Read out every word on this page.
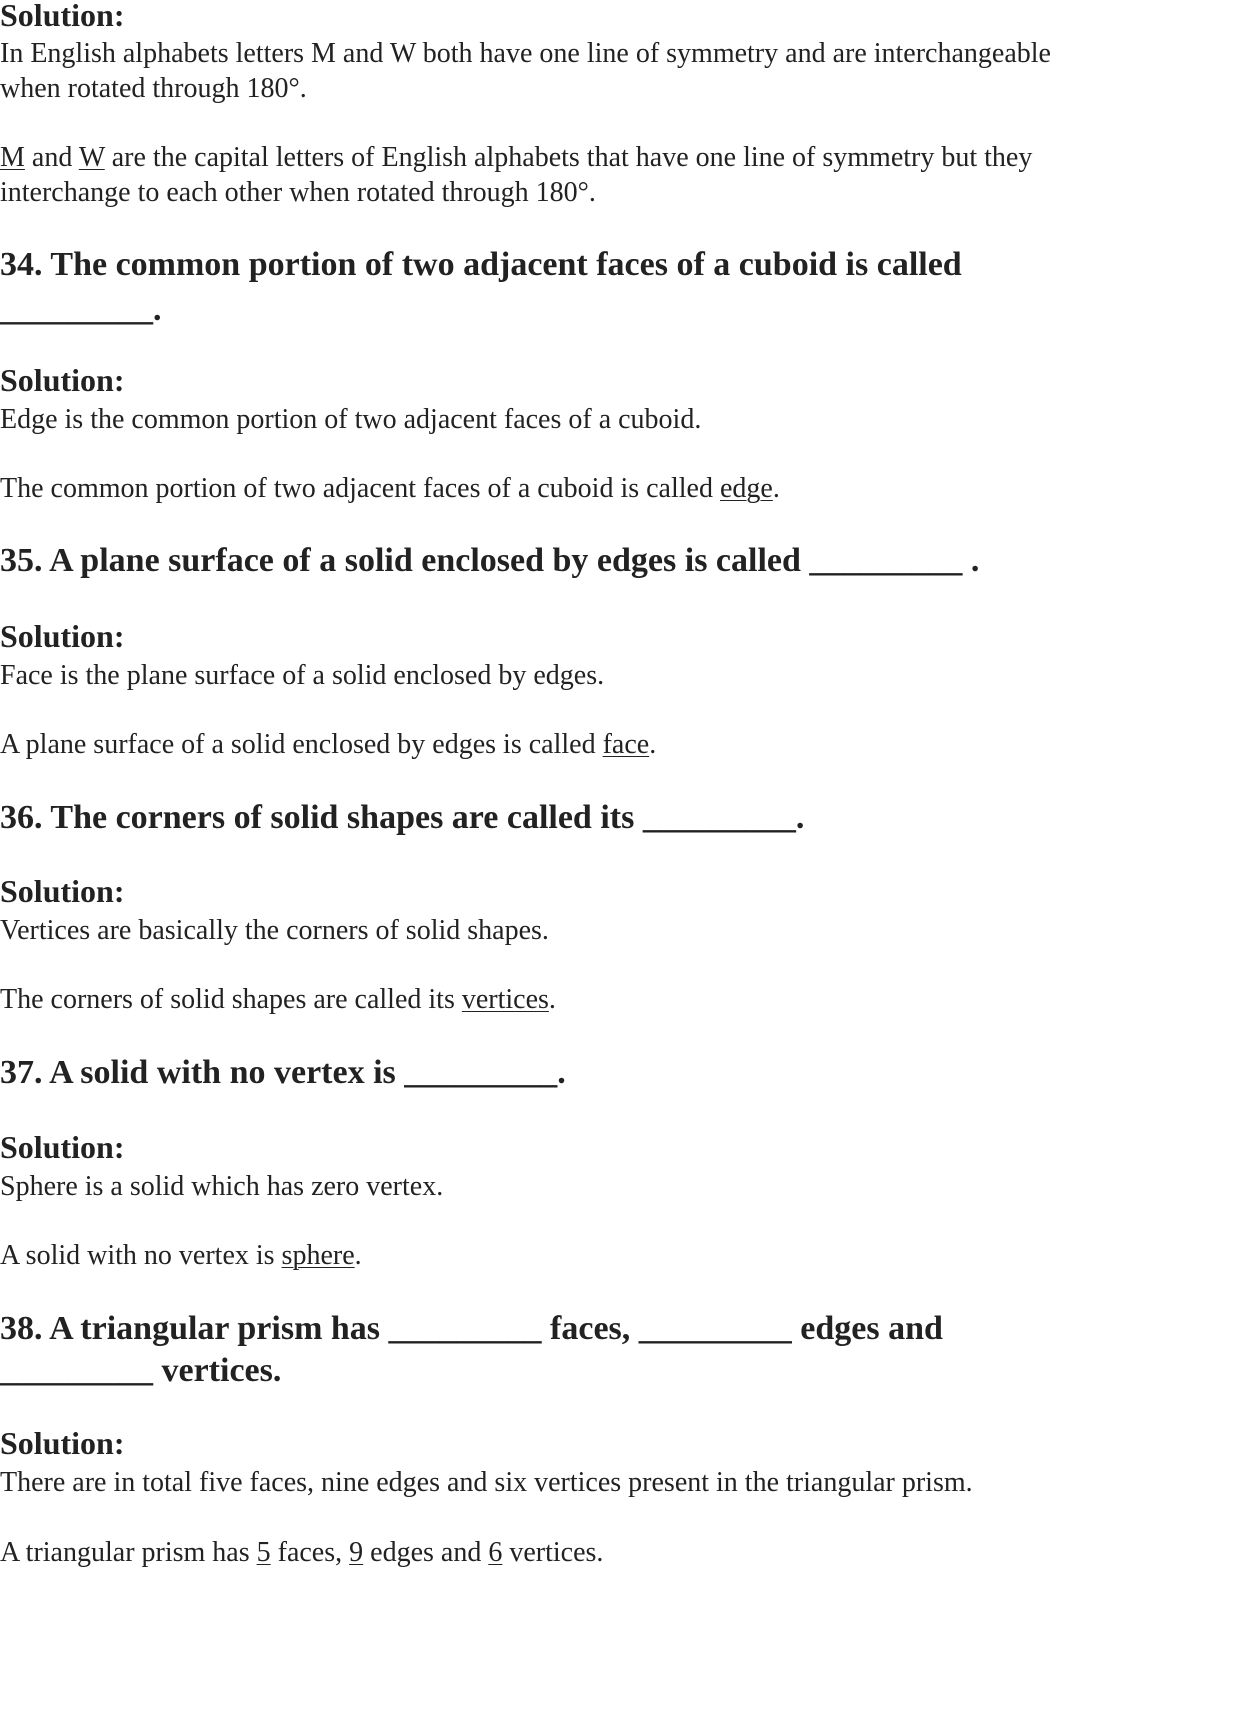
Solution:
In English alphabets letters M and W both have one line of symmetry and are interchangeable
when rotated through 180°.
M and W are the capital letters of English alphabets that have one line of symmetry but they
interchange to each other when rotated through 180°.
34. The common portion of two adjacent faces of a cuboid is called
_________.
Solution:
Edge is the common portion of two adjacent faces of a cuboid.
The common portion of two adjacent faces of a cuboid is called edge.
35. A plane surface of a solid enclosed by edges is called _________ .
Solution:
Face is the plane surface of a solid enclosed by edges.
A plane surface of a solid enclosed by edges is called face.
36. The corners of solid shapes are called its _________.
Solution:
Vertices are basically the corners of solid shapes.
The corners of solid shapes are called its vertices.
37. A solid with no vertex is _________.
Solution:
Sphere is a solid which has zero vertex.
A solid with no vertex is sphere.
38. A triangular prism has _________ faces, _________ edges and
_________ vertices.
Solution:
There are in total five faces, nine edges and six vertices present in the triangular prism.
A triangular prism has 5 faces, 9 edges and 6 vertices.
